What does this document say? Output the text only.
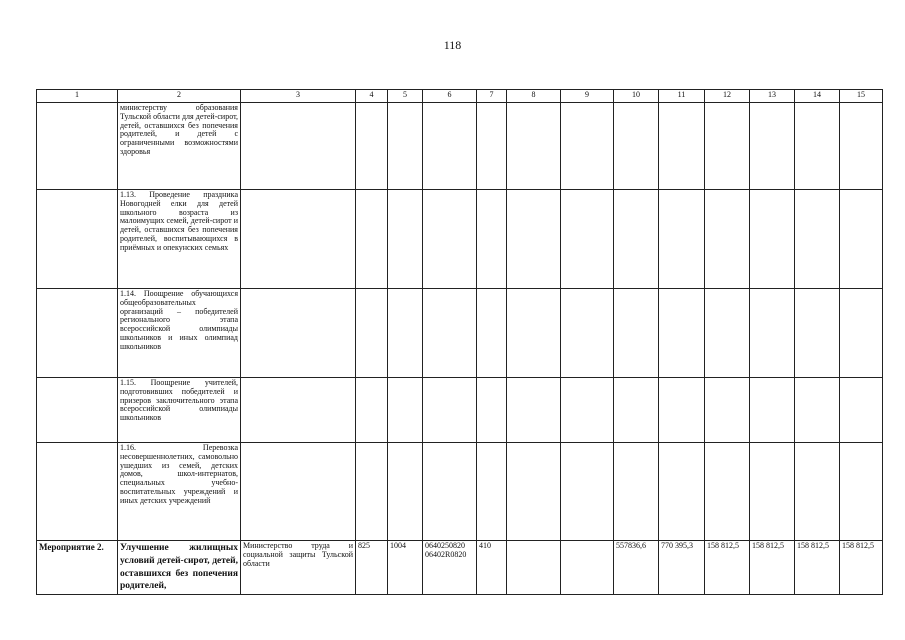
118
1	2	3	4	5	6	7	8	9	10	11	12	13	14	15
	министерству образования Тульской области для детей-сирот, детей, оставшихся без попечения родителей, и детей с ограниченными возможностями здоровья													
	1.13. Проведение праздника Новогодней елки для детей школьного возраста из малоимущих семей, детей-сирот и детей, оставшихся без попечения родителей, воспитывающихся в приёмных и опекунских семьях													
	1.14. Поощрение обучающихся общеобразовательных организаций – победителей регионального этапа всероссийской олимпиады школьников и иных олимпиад школьников													
	1.15. Поощрение учителей, подготовивших победителей и призеров заключительного этапа всероссийской олимпиады школьников													
	1.16. Перевозка несовершеннолетних, самовольно ушедших из семей, детских домов, школ-интернатов, специальных учебно-воспитательных учреждений и иных детских учреждений													
Мероприятие 2.	Улучшение жилищных условий детей-сирот, детей, оставшихся без попечения родителей,	Министерство труда и социальной защиты Тульской области	825	1004	0640250820 06402R0820	410			557836,6	770 395,3	158 812,5	158 812,5	158 812,5	158 812,5
